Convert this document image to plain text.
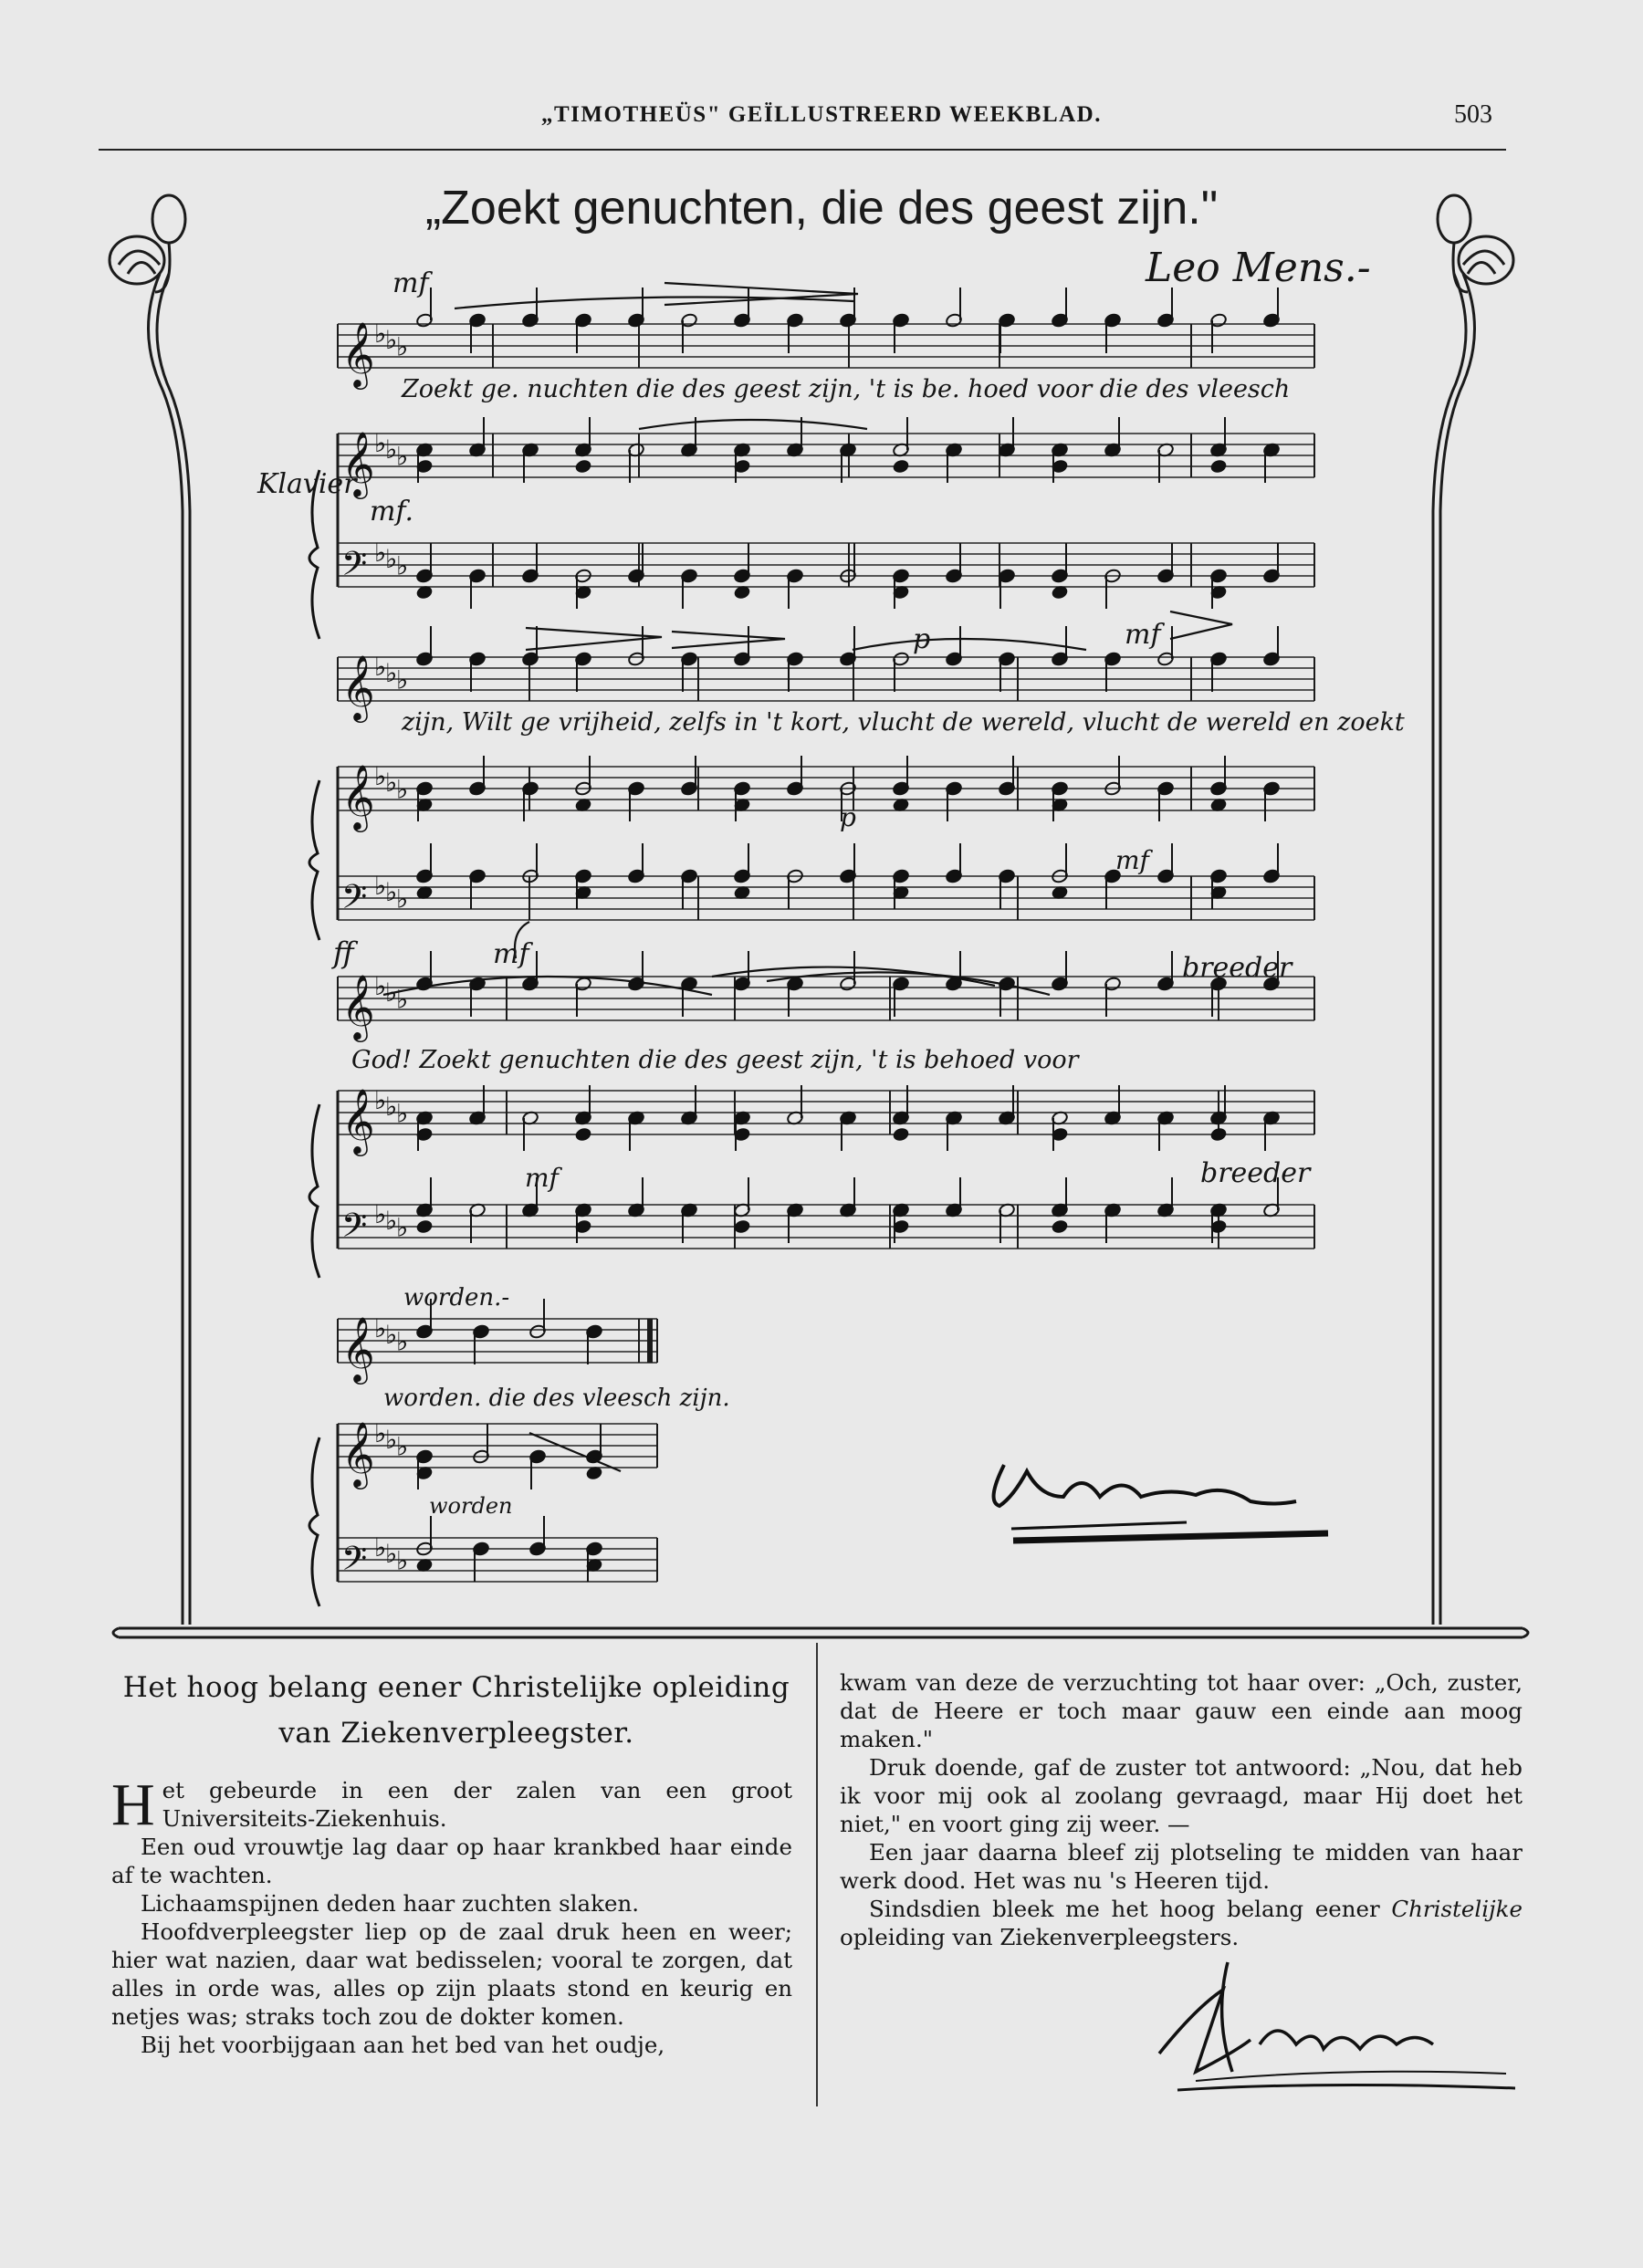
„TIMOTHEÜS" GEÏLLUSTREERD WEEKBLAD.	503
𝄞 ♭
♭
♭
𝄞 ♭
♭
♭
𝄢 ♭
♭
♭
𝄞 ♭
♭
♭
𝄞 ♭
♭
♭
𝄢 ♭
♭
♭
𝄞 ♭
♭
♭
𝄞 ♭
♭
♭
𝄢 ♭
♭
♭
𝄞 ♭
♭
♭
𝄞 ♭
♭
♭
𝄢 ♭
♭
♭
mf
mf.
p	mf
ff	mf
mf
p
mf
breeder
breeder
Klavier
worden.-
worden
Zoekt ge. nuchten die des geest zijn, 't is be. hoed voor die des vleesch
zijn, Wilt ge vrijheid, zelfs in 't kort, vlucht de wereld, vlucht de wereld en zoekt
God! Zoekt genuchten die des geest zijn, 't is behoed voor
worden. die des vleesch zijn.
„Zoekt genuchten, die des geest zijn."
Leo Mens.-
Het hoog belang eener Christelijke opleiding
van Ziekenverpleegster.

Het gebeurde in een der zalen van een groot Universiteits-Ziekenhuis.

Een oud vrouwtje lag daar op haar krankbed haar einde af te wachten.

Lichaamspijnen deden haar zuchten slaken.

Hoofdverpleegster liep op de zaal druk heen en weer; hier wat nazien, daar wat bedisselen; vooral te zorgen, dat alles in orde was, alles op zijn plaats stond en keurig en netjes was; straks toch zou de dokter komen.

Bij het voorbijgaan aan het bed van het oudje,

kwam van deze de verzuchting tot haar over: „Och, zuster, dat de Heere er toch maar gauw een einde aan moog maken."

Druk doende, gaf de zuster tot antwoord: „Nou, dat heb ik voor mij ook al zoolang gevraagd, maar Hij doet het niet," en voort ging zij weer. —

Een jaar daarna bleef zij plotseling te midden van haar werk dood. Het was nu 's Heeren tijd.

Sindsdien bleek me het hoog belang eener Christelijke opleiding van Ziekenverpleegsters.
